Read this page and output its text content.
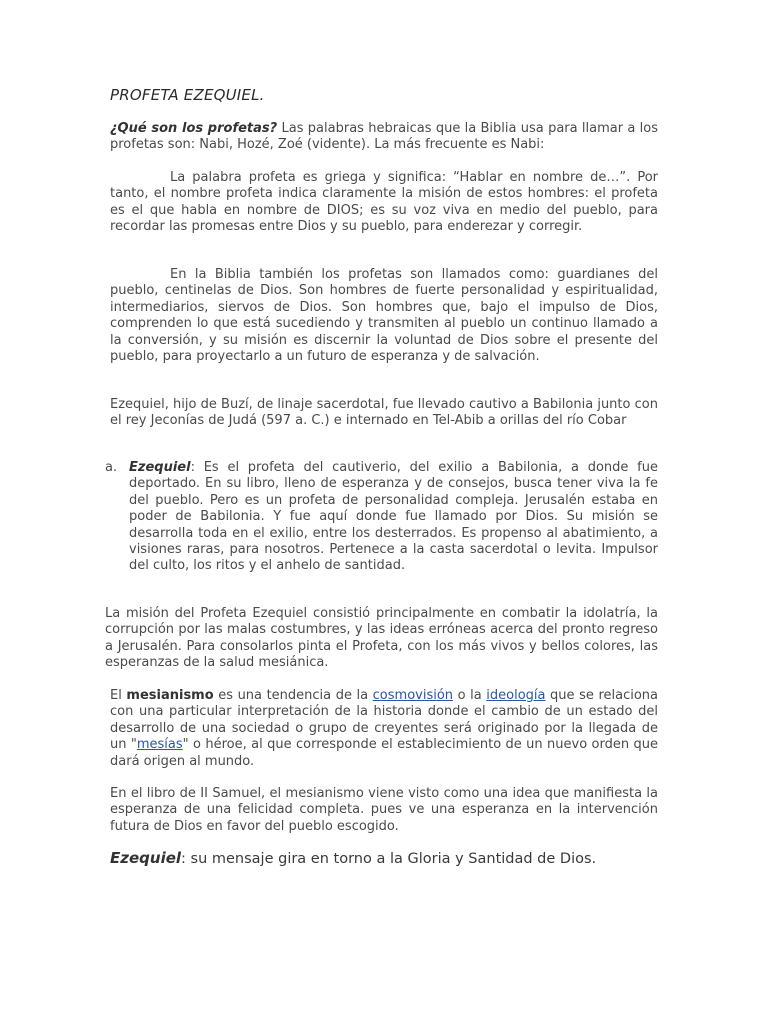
PROFETA EZEQUIEL.

¿Qué son los profetas? Las palabras hebraicas que la Biblia usa para llamar a los profetas son: Nabi, Hozé, Zoé (vidente). La más frecuente es Nabi:

La palabra profeta es griega y significa: “Hablar en nombre de…”. Por tanto, el nombre profeta indica claramente la misión de estos hombres: el profeta es el que habla en nombre de DIOS; es su voz viva en medio del pueblo, para recordar las promesas entre Dios y su pueblo, para enderezar y corregir.

En la Biblia también los profetas son llamados como: guardianes del pueblo, centinelas de Dios. Son hombres de fuerte personalidad y espiritualidad, intermediarios, siervos de Dios. Son hombres que, bajo el impulso de Dios, comprenden lo que está sucediendo y transmiten al pueblo un continuo llamado a la conversión, y su misión es discernir la voluntad de Dios sobre el presente del pueblo, para proyectarlo a un futuro de esperanza y de salvación.

Ezequiel, hijo de Buzí, de linaje sacerdotal, fue llevado cautivo a Babilonia junto con el rey Jeconías de Judá (597 a. C.) e internado en Tel-Abib a orillas del río Cobar

a. Ezequiel: Es el profeta del cautiverio, del exilio a Babilonia, a donde fue deportado. En su libro, lleno de esperanza y de consejos, busca tener viva la fe del pueblo. Pero es un profeta de personalidad compleja. Jerusalén estaba en poder de Babilonia. Y fue aquí donde fue llamado por Dios. Su misión se desarrolla toda en el exilio, entre los desterrados. Es propenso al abatimiento, a visiones raras, para nosotros. Pertenece a la casta sacerdotal o levita. Impulsor del culto, los ritos y el anhelo de santidad.

La misión del Profeta Ezequiel consistió principalmente en combatir la idolatría, la corrupción por las malas costumbres, y las ideas erróneas acerca del pronto regreso a Jerusalén. Para consolarlos pinta el Profeta, con los más vivos y bellos colores, las esperanzas de la salud mesiánica.

El mesianismo es una tendencia de la cosmovisión o la ideología que se relaciona con una particular interpretación de la historia donde el cambio de un estado del desarrollo de una sociedad o grupo de creyentes será originado por la llegada de un "mesías" o héroe, al que corresponde el establecimiento de un nuevo orden que dará origen al mundo.

En el libro de II Samuel, el mesianismo viene visto como una idea que manifiesta la esperanza de una felicidad completa. pues ve una esperanza en la intervención futura de Dios en favor del pueblo escogido.

Ezequiel: su mensaje gira en torno a la Gloria y Santidad de Dios.
